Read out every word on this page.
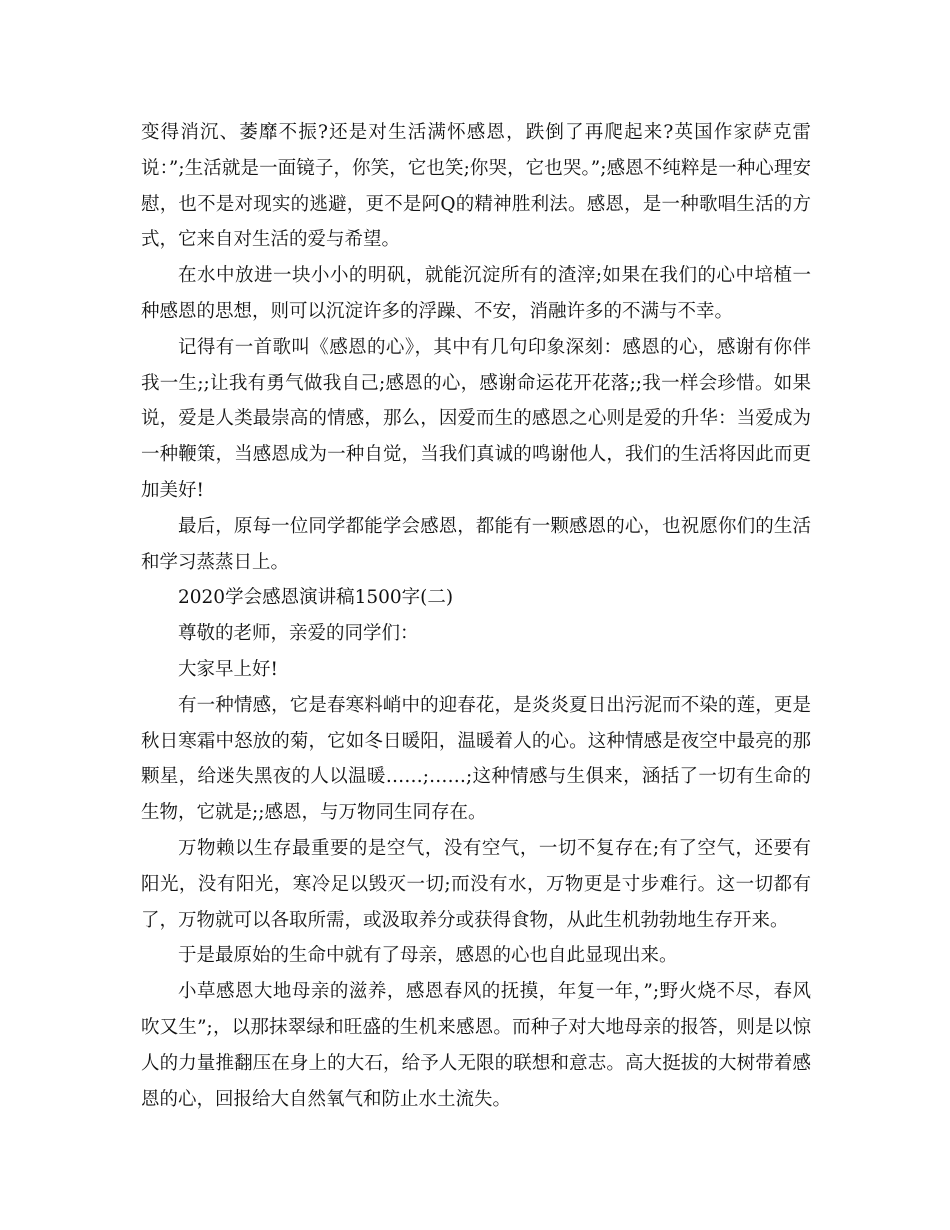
变得消沉、萎靡不振?还是对生活满怀感恩，跌倒了再爬起来?英国作家萨克雷说：”;生活就是一面镜子，你笑，它也笑;你哭，它也哭。”;感恩不纯粹是一种心理安慰，也不是对现实的逃避，更不是阿Q的精神胜利法。感恩，是一种歌唱生活的方式，它来自对生活的爱与希望。

在水中放进一块小小的明矾，就能沉淀所有的渣滓;如果在我们的心中培植一种感恩的思想，则可以沉淀许多的浮躁、不安，消融许多的不满与不幸。

记得有一首歌叫《感恩的心》，其中有几句印象深刻：感恩的心，感谢有你伴我一生;;让我有勇气做我自己;感恩的心，感谢命运花开花落;;我一样会珍惜。如果说，爱是人类最崇高的情感，那么，因爱而生的感恩之心则是爱的升华：当爱成为一种鞭策，当感恩成为一种自觉，当我们真诚的鸣谢他人，我们的生活将因此而更加美好!

最后，原每一位同学都能学会感恩，都能有一颗感恩的心，也祝愿你们的生活和学习蒸蒸日上。

2020学会感恩演讲稿1500字(二)

尊敬的老师，亲爱的同学们：

大家早上好!

有一种情感，它是春寒料峭中的迎春花，是炎炎夏日出污泥而不染的莲，更是秋日寒霜中怒放的菊，它如冬日暖阳，温暖着人的心。这种情感是夜空中最亮的那颗星，给迷失黑夜的人以温暖……;……;这种情感与生俱来，涵括了一切有生命的生物，它就是;;感恩，与万物同生同存在。

万物赖以生存最重要的是空气，没有空气，一切不复存在;有了空气，还要有阳光，没有阳光，寒冷足以毁灭一切;而没有水，万物更是寸步难行。这一切都有了，万物就可以各取所需，或汲取养分或获得食物，从此生机勃勃地生存开来。

于是最原始的生命中就有了母亲，感恩的心也自此显现出来。

小草感恩大地母亲的滋养，感恩春风的抚摸，年复一年，”;野火烧不尽，春风吹又生”;，以那抹翠绿和旺盛的生机来感恩。而种子对大地母亲的报答，则是以惊人的力量推翻压在身上的大石，给予人无限的联想和意志。高大挺拔的大树带着感恩的心，回报给大自然氧气和防止水土流失。
